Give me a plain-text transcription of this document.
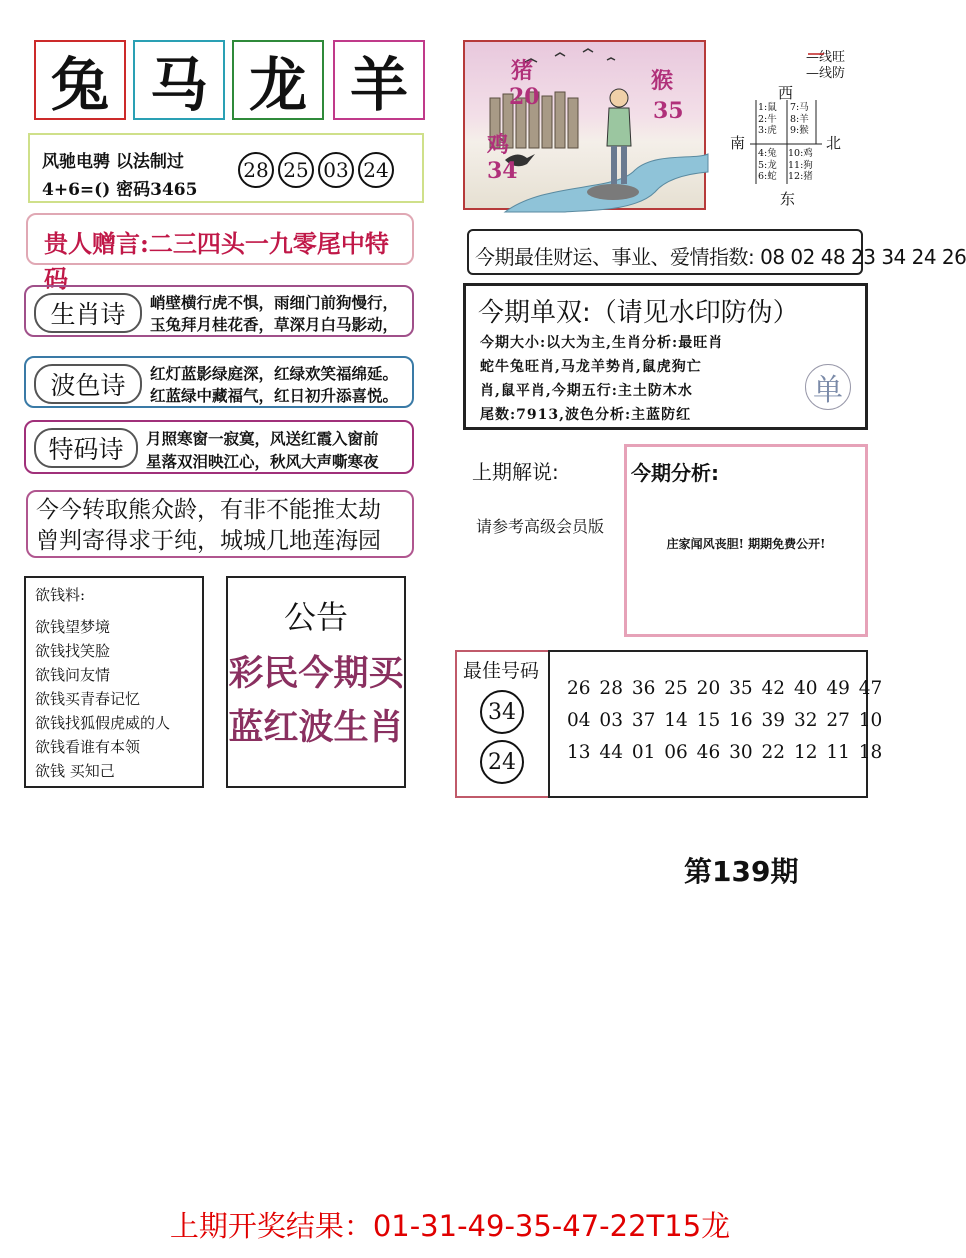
兔 马 龙 羊
风驰电骋 以法制过
4+6=() 密码3465
28 25 03 24
贵人赠言:二三四头一九零尾中特码
生肖诗	峭壁横行虎不惧，雨细门前狗慢行，
玉兔拜月桂花香，草深月白马影动，
波色诗	红灯蓝影绿庭深，红绿欢笑福绵延。
红蓝绿中藏福气，红日初升添喜悦。
特码诗	月照寒窗一寂寞，风送红霞入窗前
星落双泪映江心，秋风大声嘶寒夜
今今转取熊众龄，有非不能推太劫
曾判寄得求于纯，城城几地莲海园
欲钱料:
欲钱望梦境
欲钱找笑脸
欲钱问友情
欲钱买青春记忆
欲钱找狐假虎威的人
欲钱看谁有本领
欲钱 买知己
公告
彩民今期买
蓝红波生肖
猪
20
猴
35
鸡
34
—线旺
—线防
西
南	北
东
1:鼠
2:牛
3:虎
7:马
8:羊
9:猴
4:兔
5:龙
6:蛇
10:鸡
11:狗
12:猪
今期最佳财运、事业、爱情指数: 08 02 48 23 34 24 26
今期单双:（请见水印防伪）
今期大小:以大为主,生肖分析:最旺肖
蛇牛兔旺肖,马龙羊势肖,鼠虎狗亡
肖,鼠平肖,今期五行:主土防木水
尾数:7913,波色分析:主蓝防红
单
上期解说:
请参考高级会员版
今期分析:
庄家闻风丧胆! 期期免费公开!
最佳号码
34
24
26 28 36 25 20 35 42 40 49 47
04 03 37 14 15 16 39 32 27 10
13 44 01 06 46 30 22 12 11 18
第139期
上期开奖结果：01-31-49-35-47-22T15龙
